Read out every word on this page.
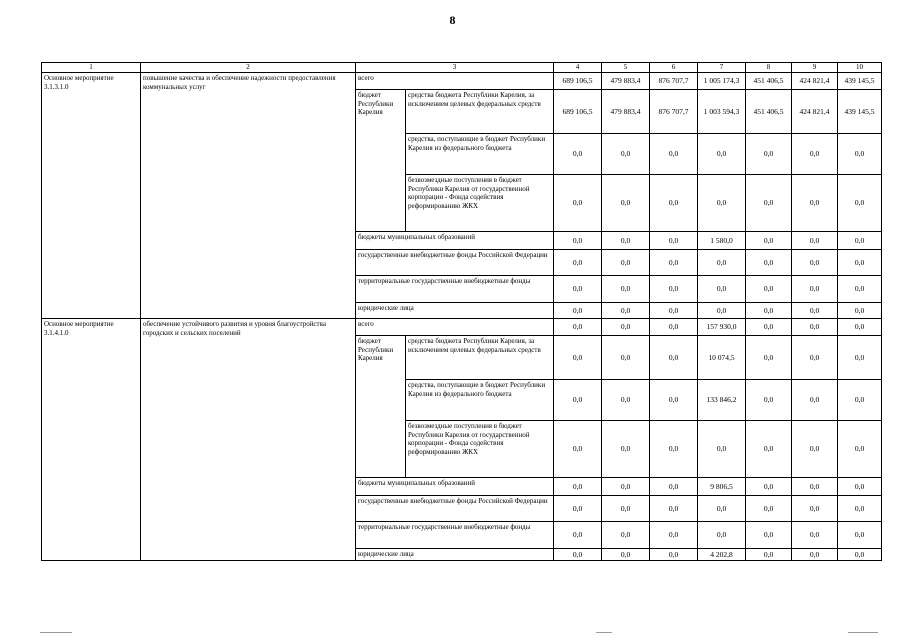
8
1	2	3		4	5	6	7	8	9	10
Основное мероприятие 3.1.3.1.0	повышение качества и обеспечение надежности предоставления коммунальных услуг	всего		689 106,5	479 883,4	876 707,7	1 005 174,3	451 406,5	424 821,4	439 145,5
		бюджет Республики Карелия	средства бюджета Республики Карелия, за исключением целевых федеральных средств	689 106,5	479 883,4	876 707,7	1 003 594,3	451 406,5	424 821,4	439 145,5
			средства, поступающие в бюджет Республики Карелия из федерального бюджета	0,0	0,0	0,0	0,0	0,0	0,0	0,0
			безвозмездные поступления в бюджет Республики Карелия от государственной корпорации - Фонда содействия реформированию ЖКХ	0,0	0,0	0,0	0,0	0,0	0,0	0,0
		бюджеты муниципальных образований		0,0	0,0	0,0	1 580,0	0,0	0,0	0,0
		государственные внебюджетные фонды Российской Федерации		0,0	0,0	0,0	0,0	0,0	0,0	0,0
		территориальные государственные внебюджетные фонды		0,0	0,0	0,0	0,0	0,0	0,0	0,0
		юридические лица		0,0	0,0	0,0	0,0	0,0	0,0	0,0
Основное мероприятие 3.1.4.1.0	обеспечение устойчивого развития и уровня благоустройства городских и сельских поселений	всего		0,0	0,0	0,0	157 930,0	0,0	0,0	0,0
		бюджет Республики Карелия	средства бюджета Республики Карелия, за исключением целевых федеральных средств	0,0	0,0	0,0	10 074,5	0,0	0,0	0,0
			средства, поступающие в бюджет Республики Карелия из федерального бюджета	0,0	0,0	0,0	133 846,2	0,0	0,0	0,0
			безвозмездные поступления в бюджет Республики Карелия от государственной корпорации - Фонда содействия реформированию ЖКХ	0,0	0,0	0,0	0,0	0,0	0,0	0,0
		бюджеты муниципальных образований		0,0	0,0	0,0	9 806,5	0,0	0,0	0,0
		государственные внебюджетные фонды Российской Федерации		0,0	0,0	0,0	0,0	0,0	0,0	0,0
		территориальные государственные внебюджетные фонды		0,0	0,0	0,0	0,0	0,0	0,0	0,0
		юридические лица		0,0	0,0	0,0	4 202,8	0,0	0,0	0,0
